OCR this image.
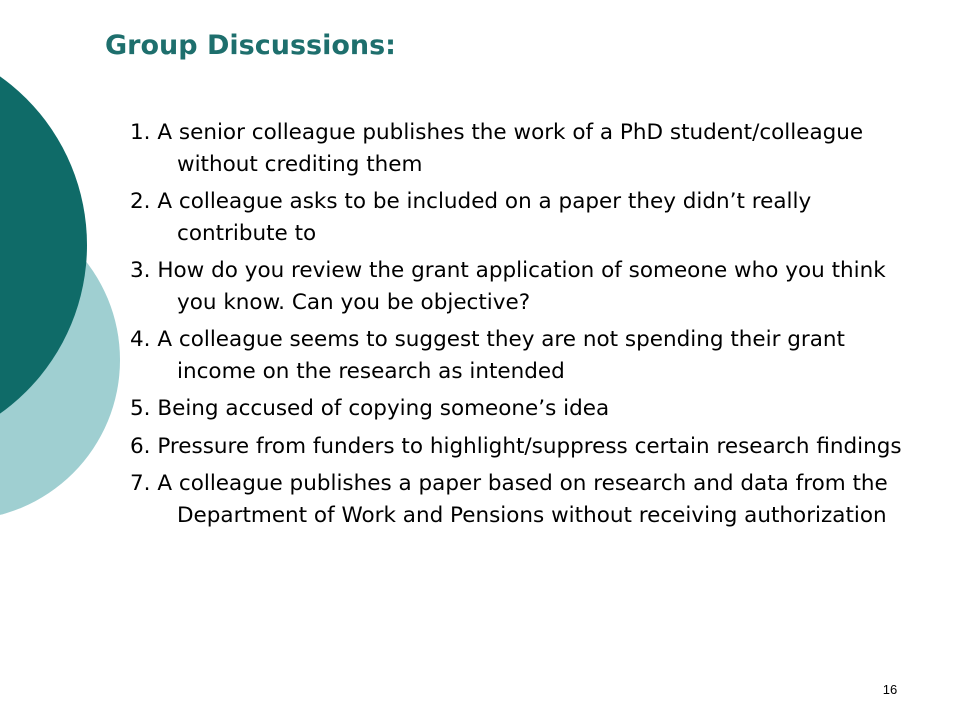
Group Discussions:
1. A senior colleague publishes the work of a PhD student/colleague without crediting them
2. A colleague asks to be included on a paper they didn’t really contribute to
3. How do you review the grant application of someone who you think you know. Can you be objective?
4. A colleague seems to suggest they are not spending their grant income on the research as intended
5. Being accused of copying someone’s idea
6. Pressure from funders to highlight/suppress certain research findings
7. A colleague publishes a paper based on research and data from the Department of Work and Pensions without receiving authorization
16
